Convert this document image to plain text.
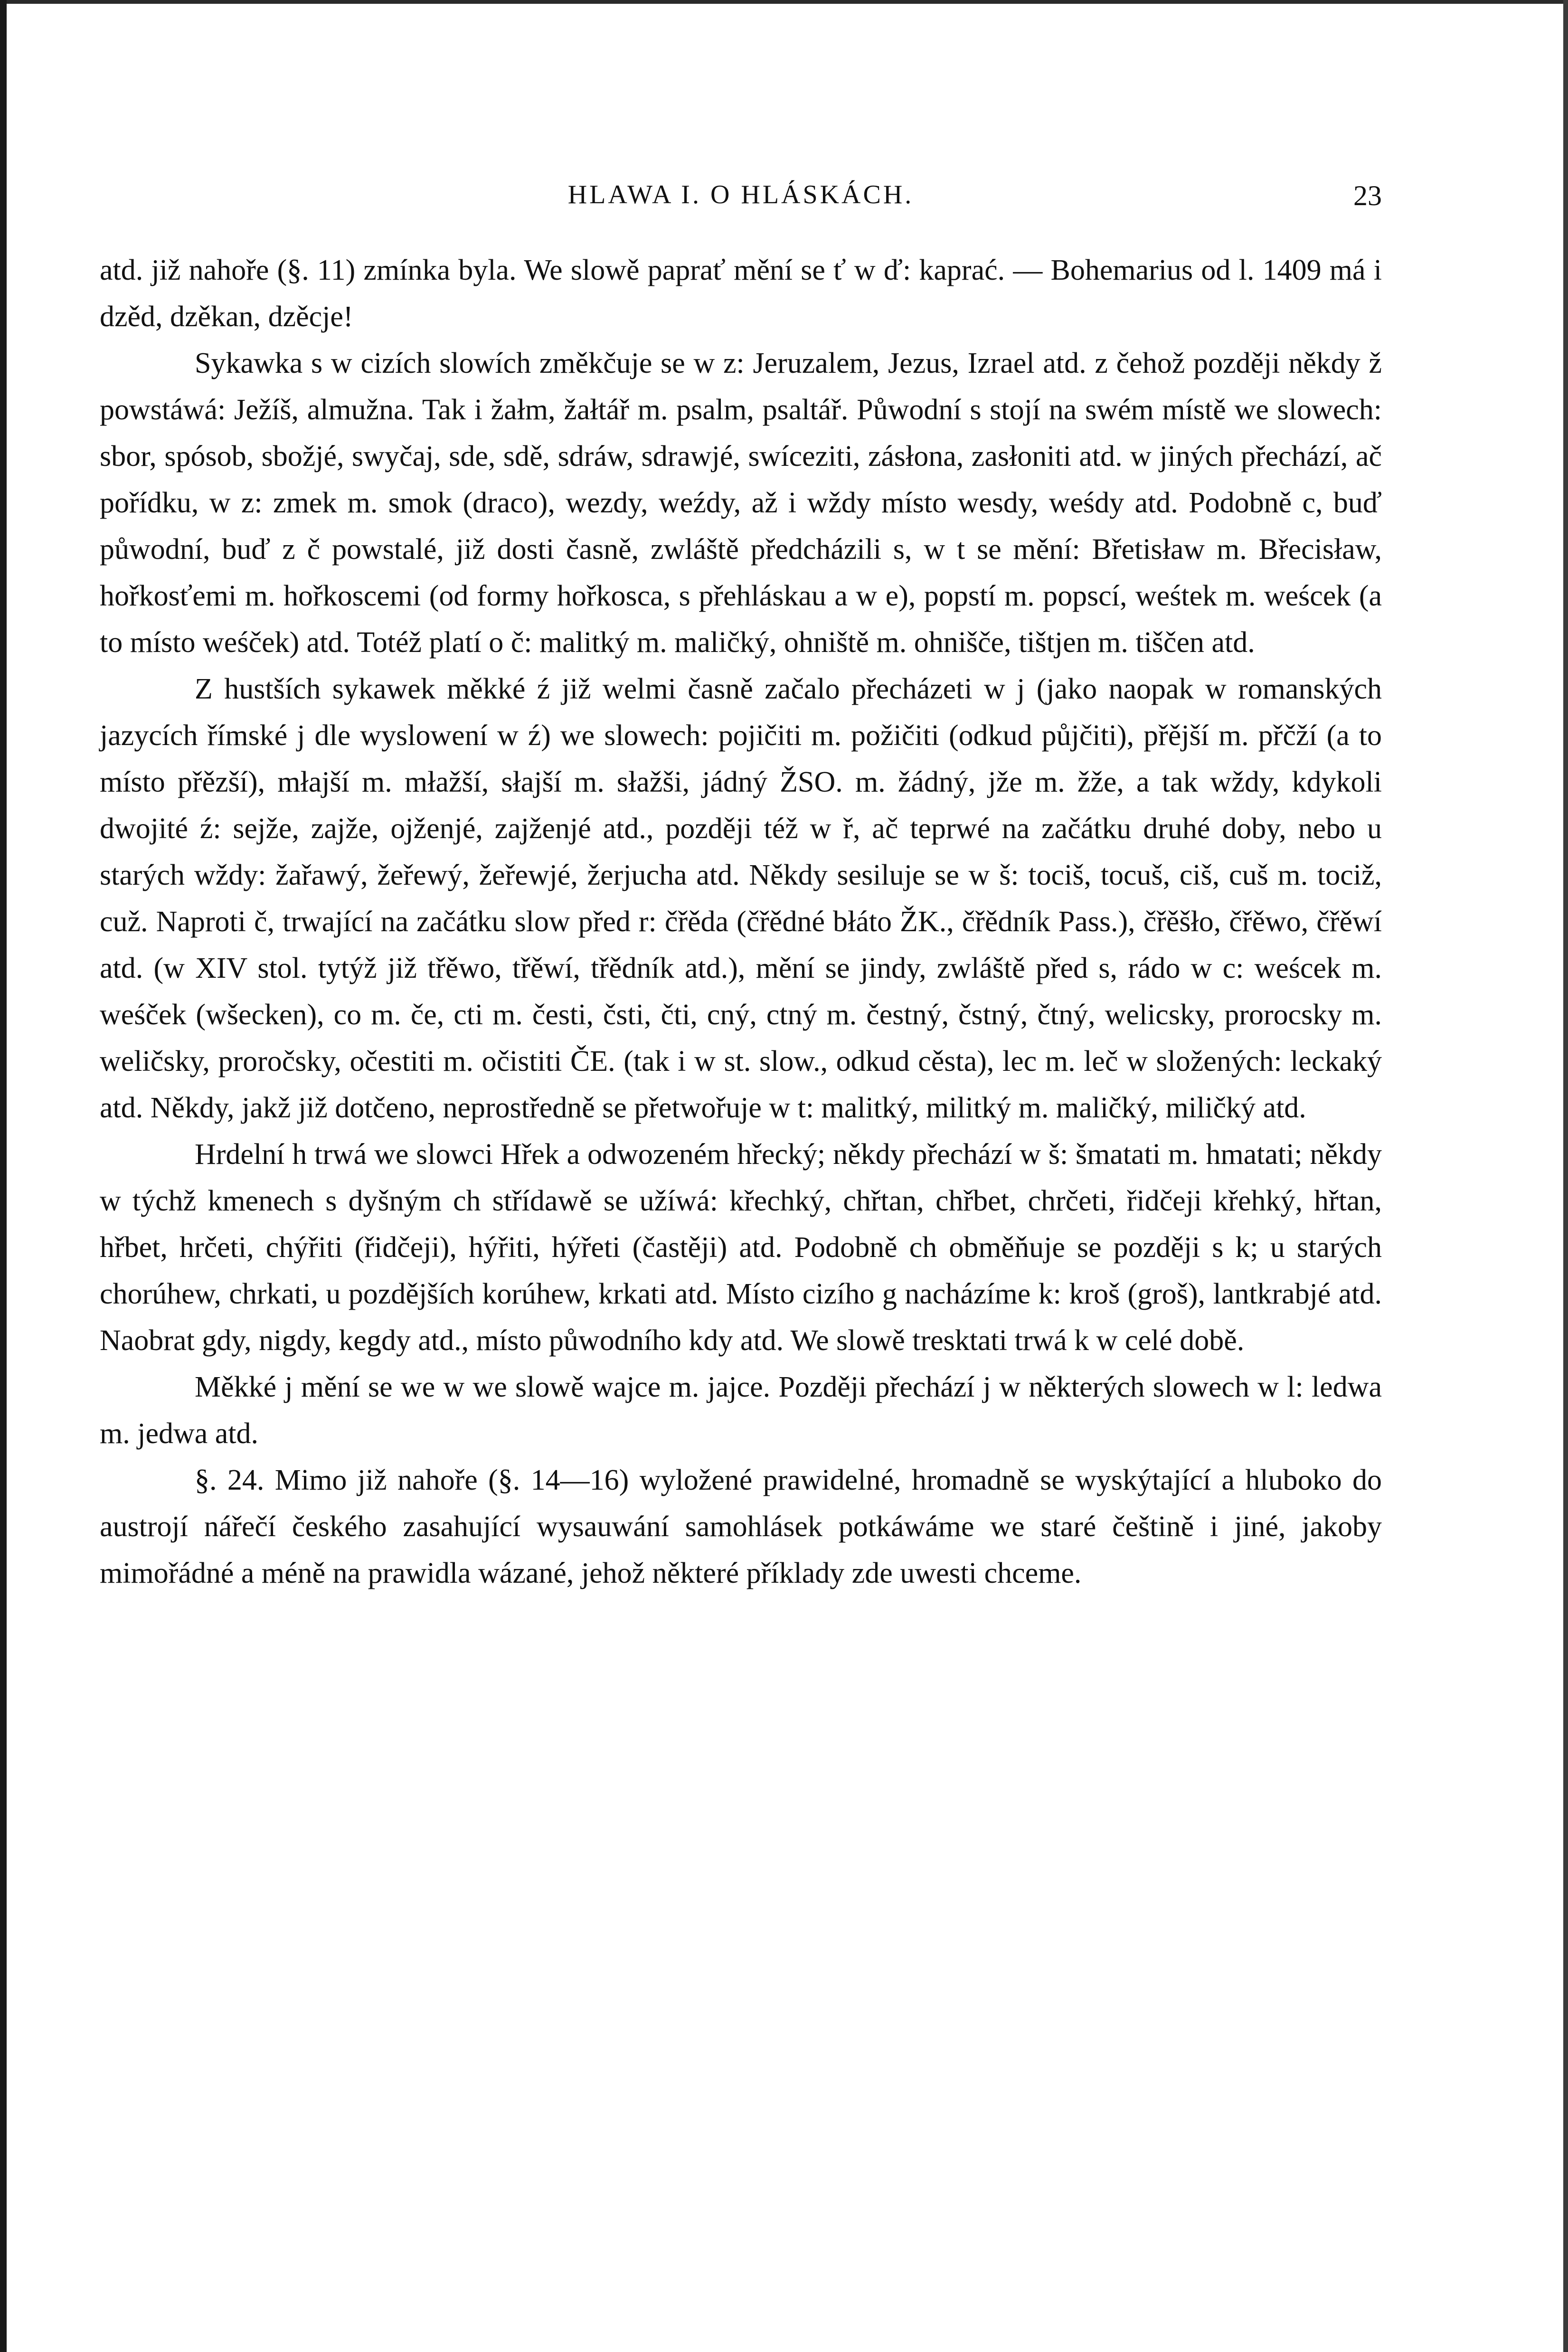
HLAWA I. O HLÁSKÁCH.	23

atd. již nahoře (§. 11) zmínka byla. We slowě paprať mění se ť w ď: kaprać. — Bohemarius od l. 1409 má i dzěd, dzěkan, dzěcje!

Sykawka s w cizích slowích změkčuje se w z: Jeruzalem, Jezus, Izrael atd. z čehož později někdy ž powstáwá: Ježíš, almužna. Tak i žałm, žałtář m. psalm, psaltář. Půwodní s stojí na swém místě we slowech: sbor, spósob, sbožjé, swyčaj, sde, sdě, sdráw, sdrawjé, swíceziti, zásłona, zasłoniti atd. w jiných přechází, ač pořídku, w z: zmek m. smok (draco), wezdy, weźdy, až i wždy místo wesdy, weśdy atd. Podobně c, buď půwodní, buď z č powstalé, již dosti časně, zwláště předcházili s, w t se mění: Břetisław m. Břecisław, hořkosťemi m. hořkoscemi (od formy hořkosca, s přehláskau a w e), popstí m. popscí, weśtek m. weścek (a to místo weśček) atd. Totéž platí o č: malitký m. maličký, ohniště m. ohnišče, tištjen m. tiščen atd.

Z hustších sykawek měkké ź již welmi časně začalo přecházeti w j (jako naopak w romanských jazycích římské j dle wyslowení w ź) we slowech: pojičiti m. požičiti (odkud půjčiti), přější m. přčží (a to místo přězší), młajší m. młažší, słajší m. słažši, jádný ŽSO. m. žádný, jže m. žže, a tak wždy, kdykoli dwojité ź: sejže, zajže, ojženjé, zajženjé atd., později též w ř, ač teprwé na začátku druhé doby, nebo u starých wždy: žařawý, žeřewý, žeřewjé, žerjucha atd. Někdy sesiluje se w š: tociš, tocuš, ciš, cuš m. tociž, cuž. Naproti č, trwající na začátku slow před r: čřěda (čřědné błáto ŽK., čřědník Pass.), čřěšło, čřěwo, čřěwí atd. (w XIV stol. tytýž již třěwo, třěwí, třědník atd.), mění se jindy, zwláště před s, rádo w c: weścek m. weśček (wšecken), co m. če, cti m. česti, čsti, čti, cný, ctný m. čestný, čstný, čtný, welicsky, prorocsky m. weličsky, proročsky, očestiti m. očistiti ČE. (tak i w st. slow., odkud cěsta), lec m. leč w složených: leckaký atd. Někdy, jakž již dotčeno, neprostředně se přetwořuje w t: malitký, militký m. maličký, miličký atd.

Hrdelní h trwá we slowci Hřek a odwozeném hřecký; někdy přechází w š: šmatati m. hmatati; někdy w týchž kmenech s dyšným ch střídawě se užíwá: křechký, chřtan, chřbet, chrčeti, řidčeji křehký, hřtan, hřbet, hrčeti, chýřiti (řidčeji), hýřiti, hýřeti (častěji) atd. Podobně ch obměňuje se později s k; u starých chorúhew, chrkati, u pozdějších korúhew, krkati atd. Místo cizího g nacházíme k: kroš (groš), lantkrabjé atd. Naobrat gdy, nigdy, kegdy atd., místo půwodního kdy atd. We slowě tresktati trwá k w celé době.

Měkké j mění se we w we slowě wajce m. jajce. Později přechází j w některých slowech w l: ledwa m. jedwa atd.

§. 24. Mimo již nahoře (§. 14—16) wyložené prawidelné, hromadně se wyskýtající a hluboko do austrojí nářečí českého zasahující wysauwání samohlásek potkáwáme we staré češtině i jiné, jakoby mimořádné a méně na prawidla wázané, jehož některé příklady zde uwesti chceme.
